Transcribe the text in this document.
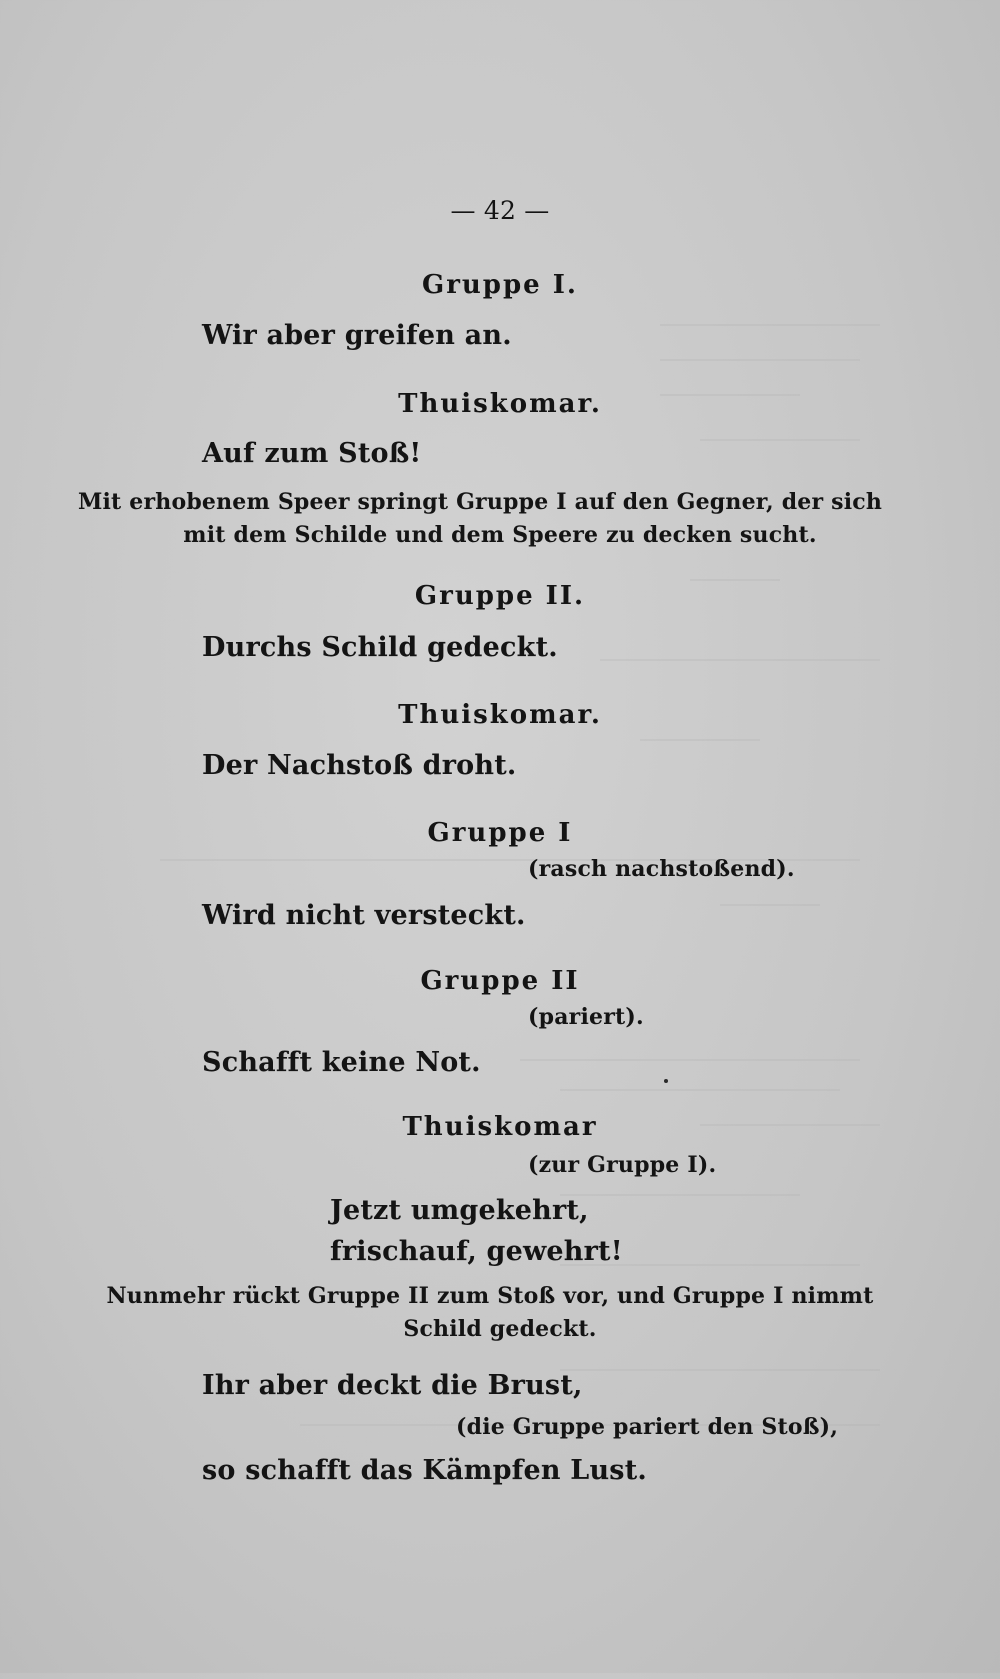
— 42 —
Gruppe I.
Wir aber greifen an.
Thuiskomar.
Auf zum Stoß!
Mit erhobenem Speer springt Gruppe I auf den Gegner, der sich
mit dem Schilde und dem Speere zu decken sucht.
Gruppe II.
Durchs Schild gedeckt.
Thuiskomar.
Der Nachstoß droht.
Gruppe I
(rasch nachstoßend).
Wird nicht versteckt.
Gruppe II
(pariert).
Schafft keine Not.
Thuiskomar
(zur Gruppe I).
Jetzt umgekehrt,
frischauf, gewehrt!
Nunmehr rückt Gruppe II zum Stoß vor, und Gruppe I nimmt
Schild gedeckt.
Ihr aber deckt die Brust,
(die Gruppe pariert den Stoß),
so schafft das Kämpfen Lust.
